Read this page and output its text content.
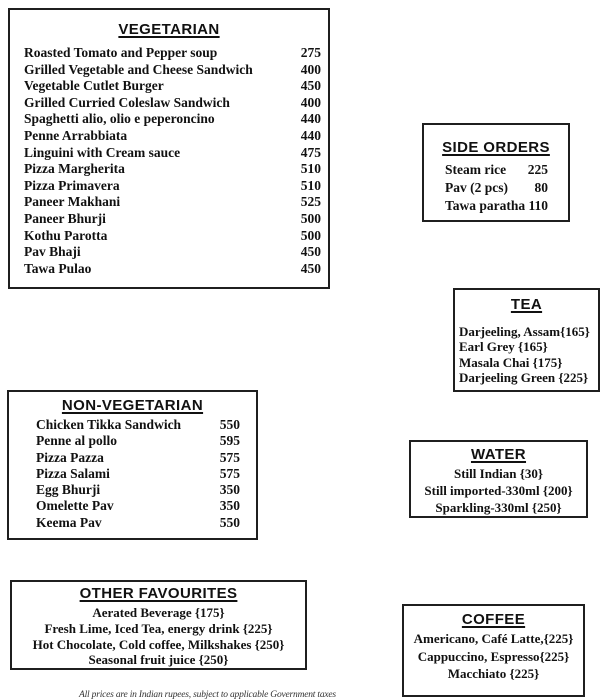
VEGETARIAN
Roasted Tomato and Pepper soup	275
Grilled Vegetable and Cheese Sandwich	400
Vegetable Cutlet Burger	450
Grilled Curried Coleslaw Sandwich	400
Spaghetti alio, olio e peperoncino	440
Penne Arrabbiata	440
Linguini with Cream sauce	475
Pizza Margherita	510
Pizza Primavera	510
Paneer Makhani	525
Paneer Bhurji	500
Kothu Parotta	500
Pav Bhaji	450
Tawa Pulao	450
SIDE ORDERS
Steam rice 225
Pav (2 pcs) 80
Tawa paratha 110
TEA
Darjeeling, Assam{165}
Earl Grey {165}
Masala Chai {175}
Darjeeling Green {225}
NON-VEGETARIAN
Chicken Tikka Sandwich	550
Penne al pollo	595
Pizza Pazza	575
Pizza Salami	575
Egg Bhurji	350
Omelette Pav	350
Keema Pav	550
WATER
Still Indian {30}
Still imported-330ml {200}
Sparkling-330ml {250}
OTHER FAVOURITES
Aerated Beverage {175}
Fresh Lime, Iced Tea, energy drink {225}
Hot Chocolate, Cold coffee, Milkshakes {250}
Seasonal fruit juice {250}
COFFEE
Americano, Café Latte,{225}
Cappuccino, Espresso{225}
Macchiato {225}
All prices are in Indian rupees, subject to applicable Government taxes
